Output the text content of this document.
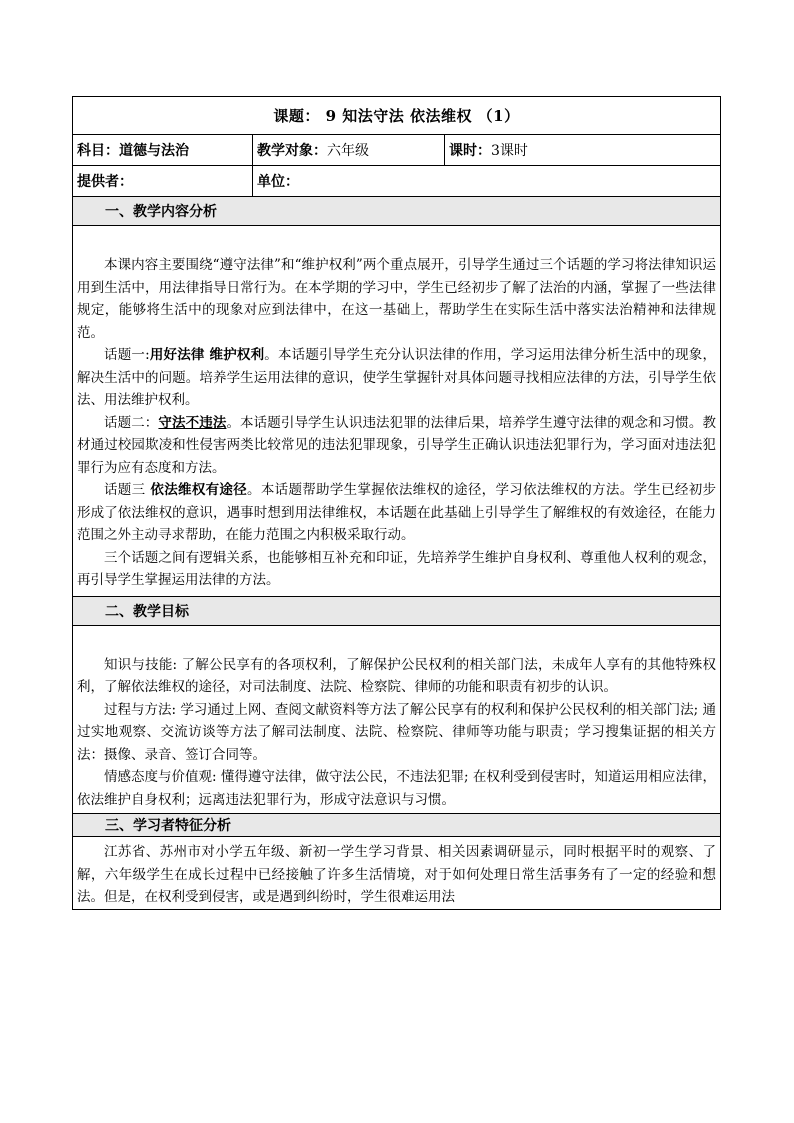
课题： 9 知法守法 依法维权 （1）		
科目：道德与法治	教学对象：六年级	课时：3课时
提供者：	单位：	
一、教学内容分析		

本课内容主要围绕“遵守法律”和“维护权利”两个重点展开，引导学生通过三个话题的学习将法律知识运用到生活中，用法律指导日常行为。在本学期的学习中，学生已经初步了解了法治的内涵，掌握了一些法律规定，能够将生活中的现象对应到法律中，在这一基础上，帮助学生在实际生活中落实法治精神和法律规范。

话题一:用好法律 维护权利。本话题引导学生充分认识法律的作用，学习运用法律分析生活中的现象，解决生活中的问题。培养学生运用法律的意识，使学生掌握针对具体问题寻找相应法律的方法，引导学生依法、用法维护权利。

话题二：守法不违法。本话题引导学生认识违法犯罪的法律后果，培养学生遵守法律的观念和习惯。教材通过校园欺凌和性侵害两类比较常见的违法犯罪现象，引导学生正确认识违法犯罪行为，学习面对违法犯罪行为应有态度和方法。

话题三 依法维权有途径。本话题帮助学生掌握依法维权的途径，学习依法维权的方法。学生已经初步形成了依法维权的意识，遇事时想到用法律维权，本话题在此基础上引导学生了解维权的有效途径，在能力范围之外主动寻求帮助，在能力范围之内积极采取行动。

三个话题之间有逻辑关系，也能够相互补充和印证，先培养学生维护自身权利、尊重他人权利的观念，再引导学生掌握运用法律的方法。		

二、教学目标		

知识与技能: 了解公民享有的各项权利，了解保护公民权利的相关部门法，未成年人享有的其他特殊权利，了解依法维权的途径，对司法制度、法院、检察院、律师的功能和职责有初步的认识。

过程与方法: 学习通过上网、查阅文献资料等方法了解公民享有的权利和保护公民权利的相关部门法; 通过实地观察、交流访谈等方法了解司法制度、法院、检察院、律师等功能与职责；学习搜集证据的相关方法：摄像、录音、签订合同等。

情感态度与价值观: 懂得遵守法律，做守法公民，不违法犯罪; 在权利受到侵害时，知道运用相应法律，依法维护自身权利；远离违法犯罪行为，形成守法意识与习惯。		

三、学习者特征分析		

江苏省、苏州市对小学五年级、新初一学生学习背景、相关因素调研显示，同时根据平时的观察、了解，六年级学生在成长过程中已经接触了许多生活情境，对于如何处理日常生活事务有了一定的经验和想法。但是，在权利受到侵害，或是遇到纠纷时，学生很难运用法		
